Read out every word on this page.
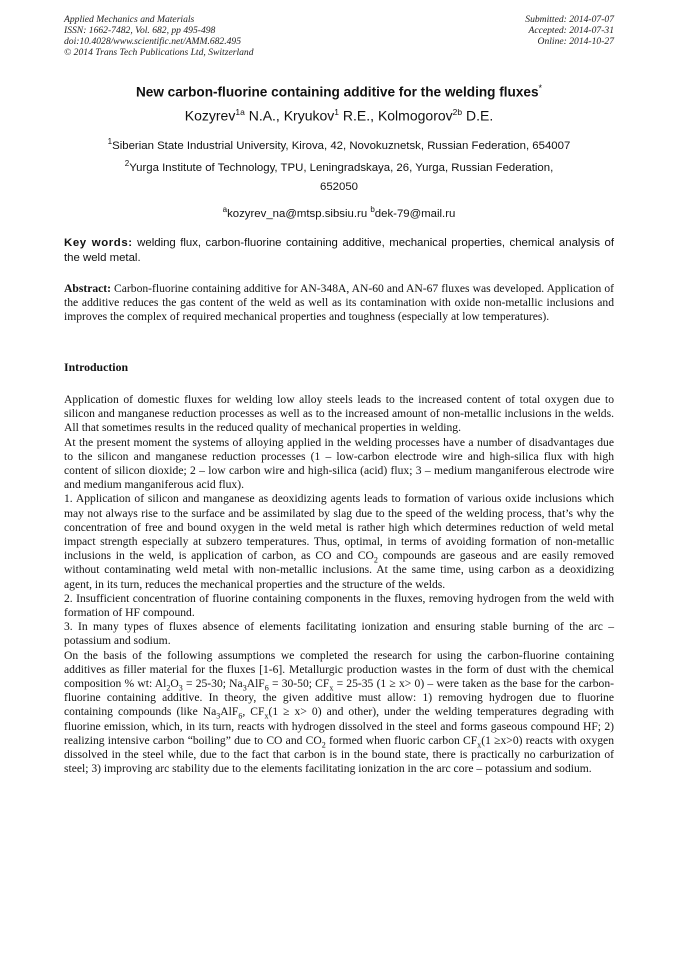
Applied Mechanics and Materials
ISSN: 1662-7482, Vol. 682, pp 495-498
doi:10.4028/www.scientific.net/AMM.682.495
© 2014 Trans Tech Publications Ltd, Switzerland
Submitted: 2014-07-07
Accepted: 2014-07-31
Online: 2014-10-27
New carbon-fluorine containing additive for the welding fluxes*
Kozyrev$^{1a}$ N.A., Kryukov$^1$ R.E., Kolmogorov$^{2b}$ D.E.
$^1$Siberian State Industrial University, Kirova, 42, Novokuznetsk, Russian Federation, 654007
$^2$Yurga Institute of Technology, TPU, Leningradskaya, 26, Yurga, Russian Federation,
652050
$^a$kozyrev_na@mtsp.sibsiu.ru $^b$dek-79@mail.ru
Key words: welding flux, carbon-fluorine containing additive, mechanical properties, chemical analysis of the weld metal.
Abstract: Carbon-fluorine containing additive for AN-348A, AN-60 and AN-67 fluxes was developed. Application of the additive reduces the gas content of the weld as well as its contamination with oxide non-metallic inclusions and improves the complex of required mechanical properties and toughness (especially at low temperatures).
Introduction

Application of domestic fluxes for welding low alloy steels leads to the increased content of total oxygen due to silicon and manganese reduction processes as well as to the increased amount of non-metallic inclusions in the welds. All that sometimes results in the reduced quality of mechanical properties in welding.

At the present moment the systems of alloying applied in the welding processes have a number of disadvantages due to the silicon and manganese reduction processes (1 – low-carbon electrode wire and high-silica flux with high content of silicon dioxide; 2 – low carbon wire and high-silica (acid) flux; 3 – medium manganiferous electrode wire and medium manganiferous acid flux).

1. Application of silicon and manganese as deoxidizing agents leads to formation of various oxide inclusions which may not always rise to the surface and be assimilated by slag due to the speed of the welding process, that’s why the concentration of free and bound oxygen in the weld metal is rather high which determines reduction of weld metal impact strength especially at subzero temperatures. Thus, optimal, in terms of avoiding formation of non-metallic inclusions in the weld, is application of carbon, as CO and $CO_2$ compounds are gaseous and are easily removed without contaminating weld metal with non-metallic inclusions. At the same time, using carbon as a deoxidizing agent, in its turn, reduces the mechanical properties and the structure of the welds.

2. Insufficient concentration of fluorine containing components in the fluxes, removing hydrogen from the weld with formation of HF compound.

3. In many types of fluxes absence of elements facilitating ionization and ensuring stable burning of the arc – potassium and sodium.

On the basis of the following assumptions we completed the research for using the carbon-fluorine containing additives as filler material for the fluxes [1-6]. Metallurgic production wastes in the form of dust with the chemical composition % wt: $Al_2O_3 = 25-30$; $Na_3AlF_6 = 30-50$; $CF_x = 25-35$ (1 ≥ x> 0) – were taken as the base for the carbon-fluorine containing additive. In theory, the given additive must allow: 1) removing hydrogen due to fluorine containing compounds (like $Na_3AlF_6$, $CF_x(1 \ge x> 0)$ and other), under the welding temperatures degrading with fluorine emission, which, in its turn, reacts with hydrogen dissolved in the steel and forms gaseous compound HF; 2) realizing intensive carbon “boiling” due to CO and $CO_2$ formed when fluoric carbon $CF_x(1 \ge x>0)$ reacts with oxygen dissolved in the steel while, due to the fact that carbon is in the bound state, there is practically no carburization of steel; 3) improving arc stability due to the elements facilitating ionization in the arc core – potassium and sodium.
